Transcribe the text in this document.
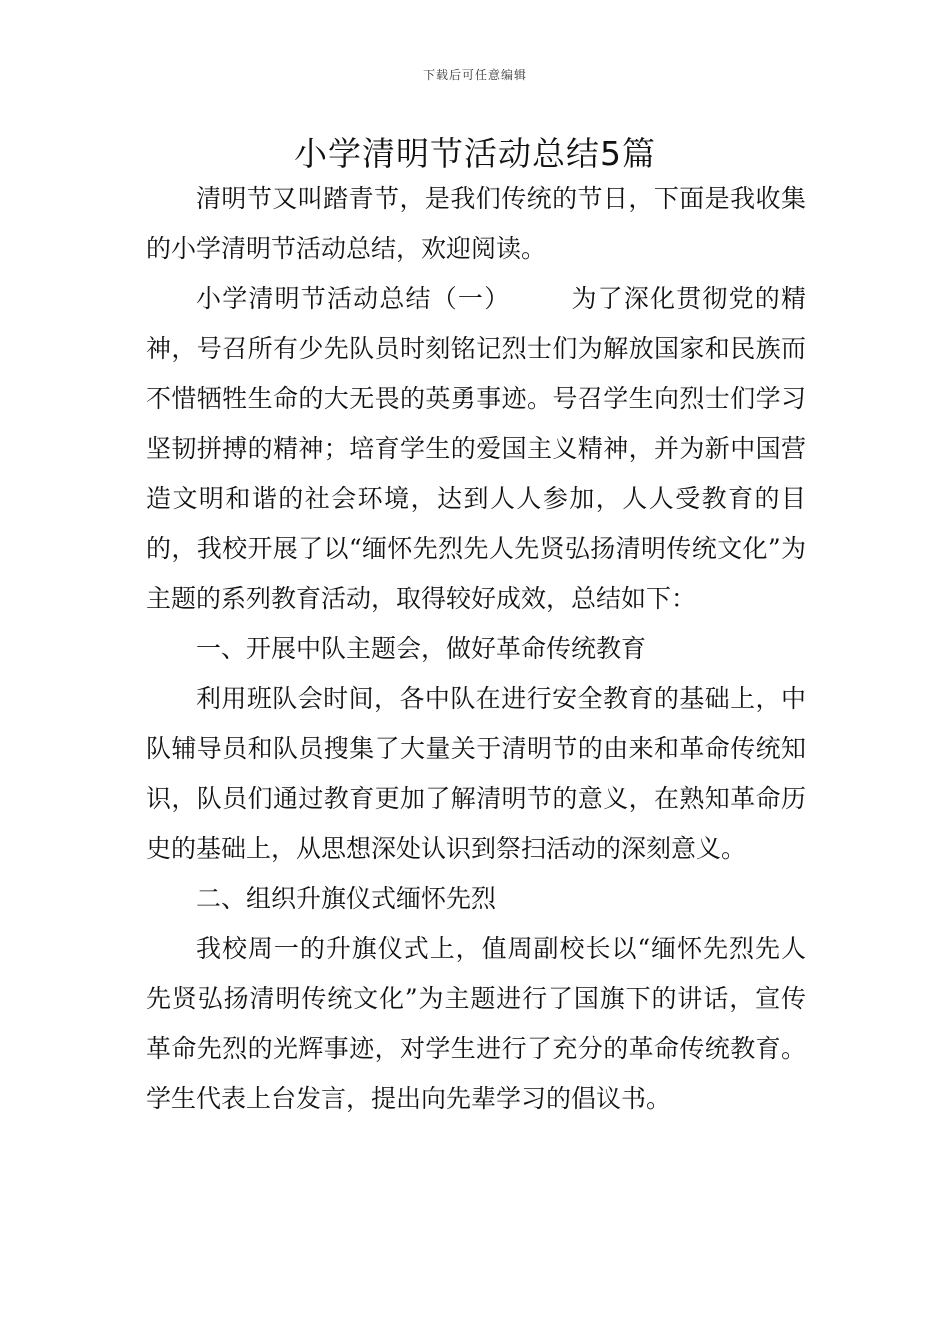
下载后可任意编辑
小学清明节活动总结5篇

清明节又叫踏青节，是我们传统的节日，下面是我收集的小学清明节活动总结，欢迎阅读。

小学清明节活动总结（一） 为了深化贯彻党的精神，号召所有少先队员时刻铭记烈士们为解放国家和民族而不惜牺牲生命的大无畏的英勇事迹。号召学生向烈士们学习坚韧拼搏的精神；培育学生的爱国主义精神，并为新中国营造文明和谐的社会环境，达到人人参加，人人受教育的目的，我校开展了以“缅怀先烈先人先贤弘扬清明传统文化”为主题的系列教育活动，取得较好成效，总结如下：

一、开展中队主题会，做好革命传统教育

利用班队会时间，各中队在进行安全教育的基础上，中队辅导员和队员搜集了大量关于清明节的由来和革命传统知识，队员们通过教育更加了解清明节的意义，在熟知革命历史的基础上，从思想深处认识到祭扫活动的深刻意义。

二、组织升旗仪式缅怀先烈

我校周一的升旗仪式上，值周副校长以“缅怀先烈先人先贤弘扬清明传统文化”为主题进行了国旗下的讲话，宣传革命先烈的光辉事迹，对学生进行了充分的革命传统教育。学生代表上台发言，提出向先辈学习的倡议书。
